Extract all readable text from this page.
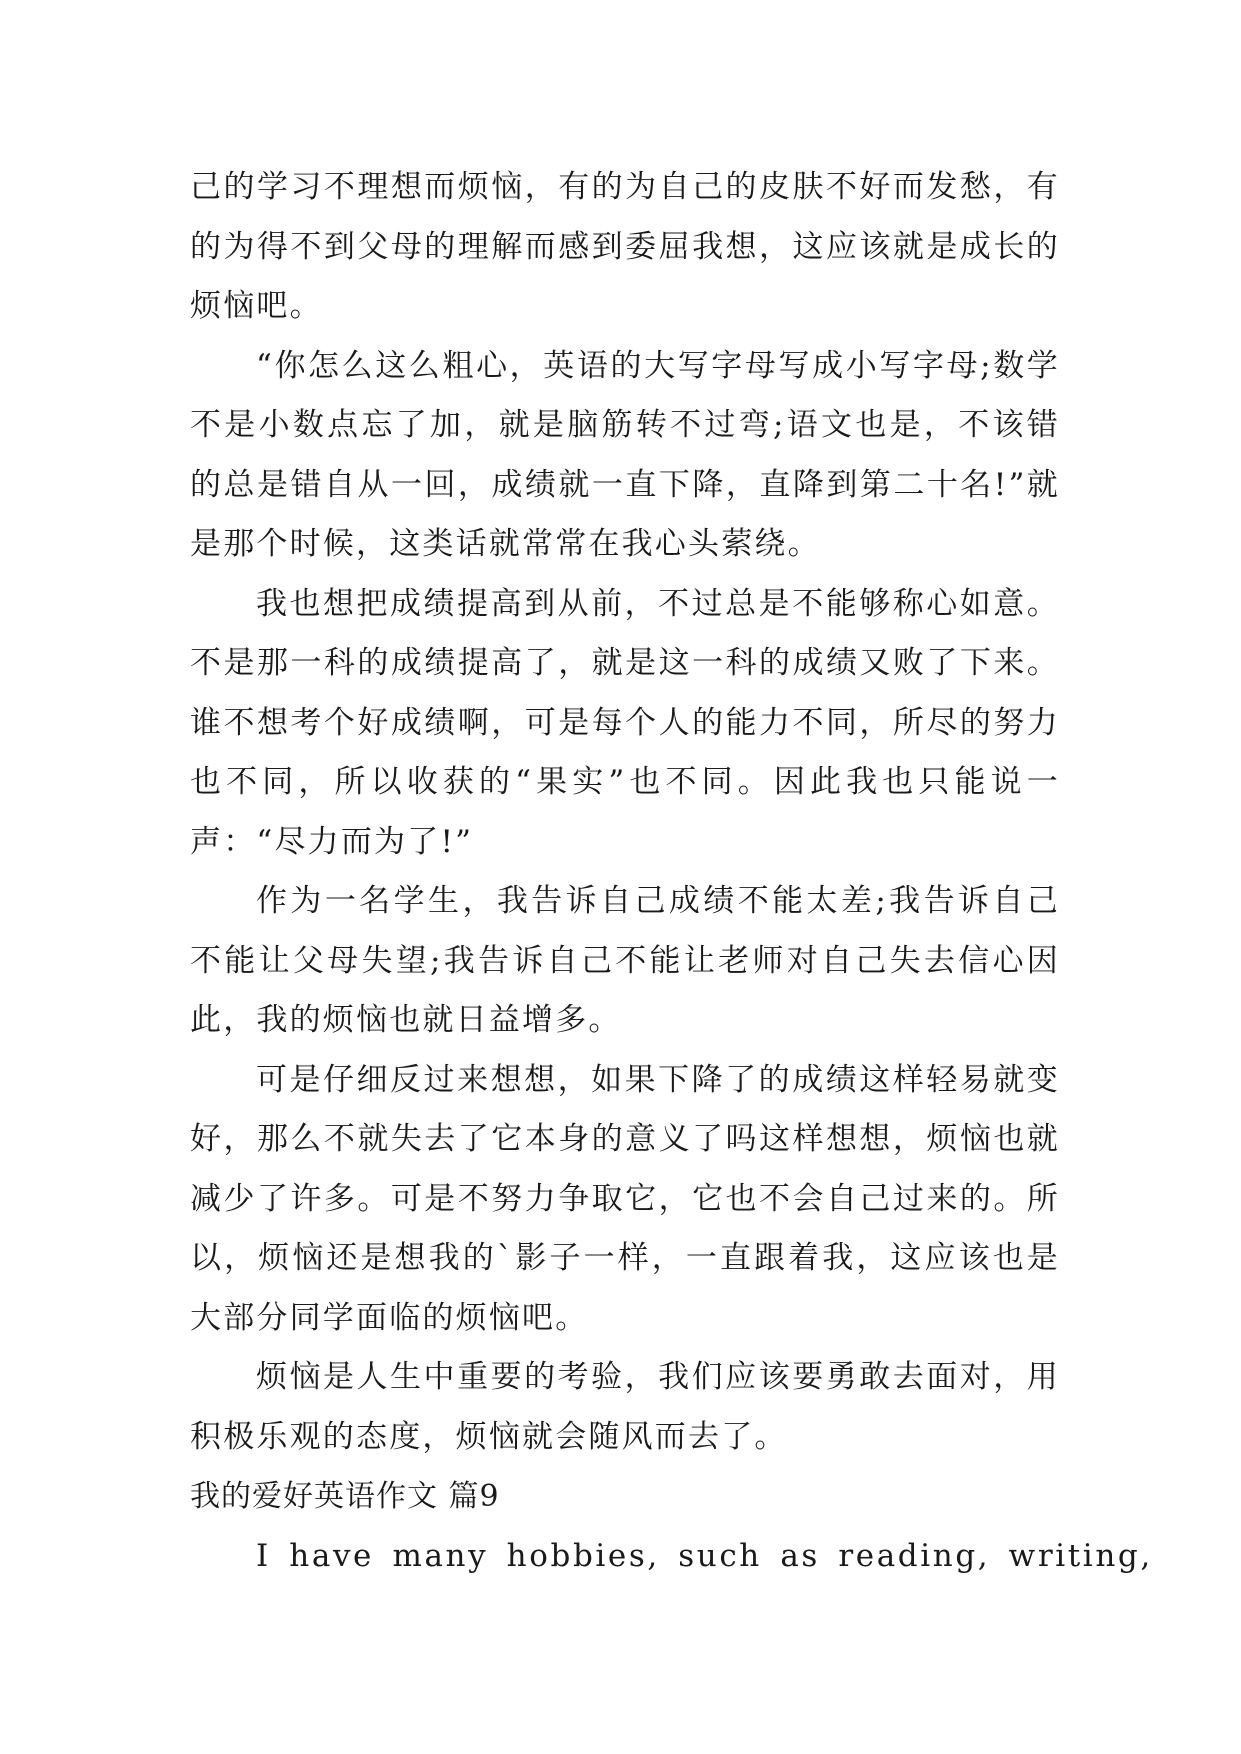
己的学习不理想而烦恼，有的为自己的皮肤不好而发愁，有的为得不到父母的理解而感到委屈我想，这应该就是成长的烦恼吧。

“你怎么这么粗心，英语的大写字母写成小写字母;数学不是小数点忘了加，就是脑筋转不过弯;语文也是，不该错的总是错自从一回，成绩就一直下降，直降到第二十名!”就是那个时候，这类话就常常在我心头萦绕。

我也想把成绩提高到从前，不过总是不能够称心如意。不是那一科的成绩提高了，就是这一科的成绩又败了下来。谁不想考个好成绩啊，可是每个人的能力不同，所尽的努力也不同，所以收获的“果实”也不同。因此我也只能说一声：“尽力而为了!”

作为一名学生，我告诉自己成绩不能太差;我告诉自己不能让父母失望;我告诉自己不能让老师对自己失去信心因此，我的烦恼也就日益增多。

可是仔细反过来想想，如果下降了的成绩这样轻易就变好，那么不就失去了它本身的意义了吗这样想想，烦恼也就减少了许多。可是不努力争取它，它也不会自己过来的。所以，烦恼还是想我的`影子一样，一直跟着我，这应该也是大部分同学面临的烦恼吧。

烦恼是人生中重要的考验，我们应该要勇敢去面对，用积极乐观的态度，烦恼就会随风而去了。

我的爱好英语作文 篇9

I have many hobbies, such as reading, writing,
